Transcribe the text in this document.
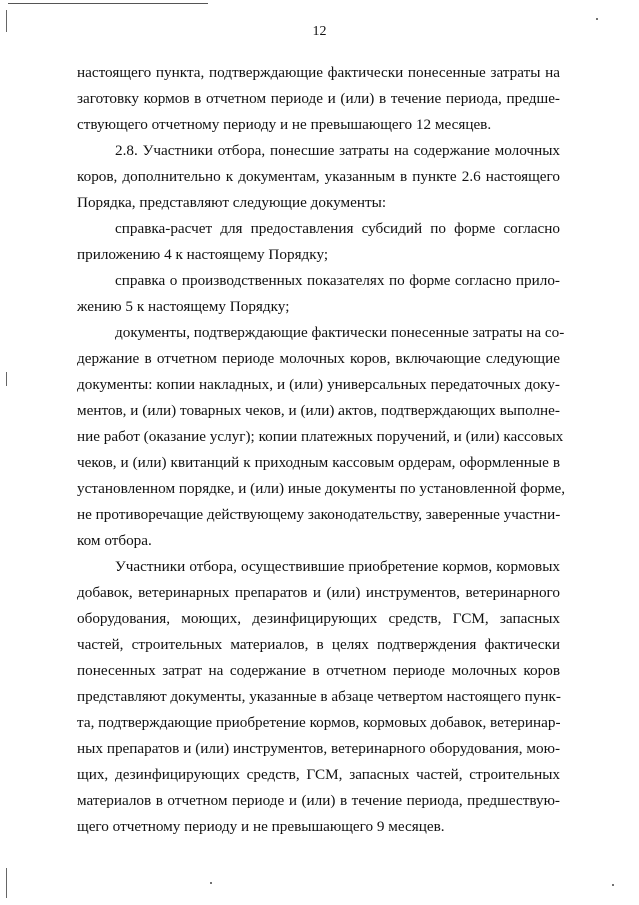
12
настоящего пункта, подтверждающие фактически понесенные затраты на
заготовку кормов в отчетном периоде и (или) в течение периода, предше-
ствующего отчетному периоду и не превышающего 12 месяцев.
2.8. Участники отбора, понесшие затраты на содержание молочных
коров, дополнительно к документам, указанным в пункте 2.6 настоящего
Порядка, представляют следующие документы:
справка-расчет для предоставления субсидий по форме согласно
приложению 4 к настоящему Порядку;
справка о производственных показателях по форме согласно прило-
жению 5 к настоящему Порядку;
документы, подтверждающие фактически понесенные затраты на со-
держание в отчетном периоде молочных коров, включающие следующие
документы: копии накладных, и (или) универсальных передаточных доку-
ментов, и (или) товарных чеков, и (или) актов, подтверждающих выполне-
ние работ (оказание услуг); копии платежных поручений, и (или) кассовых
чеков, и (или) квитанций к приходным кассовым ордерам, оформленные в
установленном порядке, и (или) иные документы по установленной форме,
не противоречащие действующему законодательству, заверенные участни-
ком отбора.
Участники отбора, осуществившие приобретение кормов, кормовых
добавок, ветеринарных препаратов и (или) инструментов, ветеринарного
оборудования, моющих, дезинфицирующих средств, ГСМ, запасных
частей, строительных материалов, в целях подтверждения фактически
понесенных затрат на содержание в отчетном периоде молочных коров
представляют документы, указанные в абзаце четвертом настоящего пунк-
та, подтверждающие приобретение кормов, кормовых добавок, ветеринар-
ных препаратов и (или) инструментов, ветеринарного оборудования, мою-
щих, дезинфицирующих средств, ГСМ, запасных частей, строительных
материалов в отчетном периоде и (или) в течение периода, предшествую-
щего отчетному периоду и не превышающего 9 месяцев.
